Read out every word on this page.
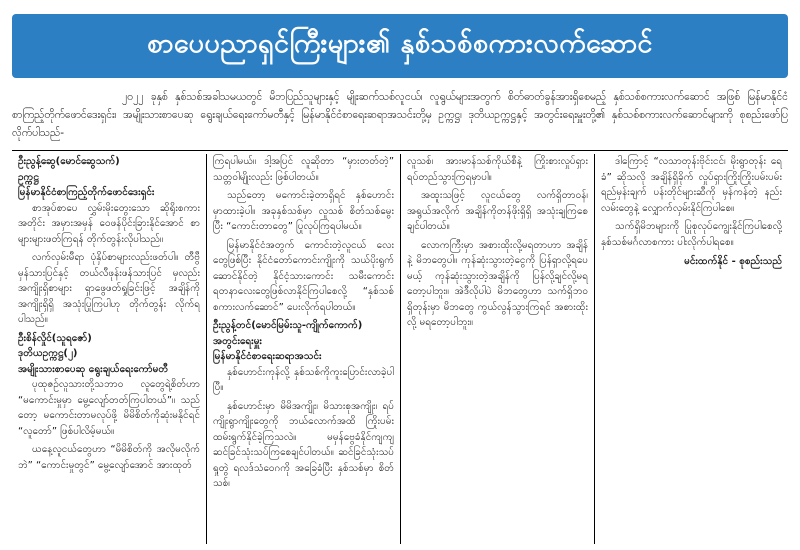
စာပေပညာရှင်ကြီးများ၏ နှစ်သစ်စကားလက်ဆောင်

၂၀၂၂ ခုနှစ် နှစ်သစ်အခါသမယတွင် မိဘပြည်သူများနှင့် မျိုးဆက်သစ်လူငယ်၊ လူရွယ်များအတွက် စိတ်ဓာတ်ခွန်အားရှိစေမည့် နှစ်သစ်စကားလက်ဆောင် အဖြစ် မြန်မာနိုင်ငံ စာကြည့်တိုက်ဖောင်ဒေးရှင်း၊ အမျိုးသားစာပေဆု ရွေးချယ်ရေးကော်မတီနှင့် မြန်မာနိုင်ငံစာရေးဆရာအသင်းတို့မှ ဥက္ကဋ္ဌ၊ ဒုတိယဥက္ကဋ္ဌနှင့် အတွင်းရေးမှူးတို့၏ နှစ်သစ်စကားလက်ဆောင်များကို စုစည်းဖော်ပြလိုက်ပါသည်-

ဦးညွန့်ဆွေ(မောင်ဆွေသက်)

ဥက္ကဋ္ဌ

မြန်မာနိုင်ငံစာကြည့်တိုက်ဖောင်ဒေးရှင်း

စာအုပ်စာပေ လွှမ်းမိုးတွေးသော ဆိုရိုးစကား အတိုင်း အမှားအမှန် ဝေဖန်ပိုင်းခြားနိုင်အောင် စာများများဖတ်ကြရန် တိုက်တွန်းလိုပါသည်။

လက်လှမ်းမီရာ ပုံနှိပ်စာများလည်းဖတ်ပါ။ တီဗွီမှန်သားပြင်နှင့် တယ်လီဖုန်းဖန်သားပြင် မှလည်း အကျိုးရှိစာများ ရှာဖွေဖတ်ရှုခြင်းဖြင့် အချိန်ကို အကျိုးရှိရှိ အသုံးပြုကြပါဟု တိုက်တွန်း လိုက်ရပါသည်။

ဦးစိန်လှိုင်(သူရဇော်)

ဒုတိယဥက္ကဋ္ဌ(၂)

အမျိုးသားစာပေဆု ရွေးချယ်ရေးကော်မတီ

ပုထုဇဉ်လူသားတို့သဘာဝ လူတွေရဲ့စိတ်ဟာ “မကောင်းမှုမှာ မွေ့လျော်တတ်ကြပါတယ်”။ သည်တော့ မကောင်းတာမလုပ်ဖို့ မိမိစိတ်ကိုဆုံးမနိုင်ရင် “လူတော်” ဖြစ်ပါလိမ့်မယ်။

ယနေ့လူငယ်တွေဟာ “မိမိစိတ်ကို အလိုမလိုက်ဘဲ” “ကောင်းမှုတွင်” မွေ့လျော်အောင် အားထုတ်

ကြရပါမယ်။ ဒါ့အပြင် လူဆိုတာ “မှားတတ်တဲ့” သတ္တဝါမျိုးလည်း ဖြစ်ပါတယ်။

သည်တော့ မကောင်းခဲ့တာရှိရင် နှစ်ဟောင်း မှာထားခဲ့ပါ။ အခုနှစ်သစ်မှာ လူသစ် စိတ်သစ်မွေးပြီး “ကောင်းတာတွေ” ပြုလုပ်ကြရပါမယ်။

မြန်မာနိုင်ငံအတွက် ကောင်းတဲ့လူငယ် လေးတွေဖြစ်ပြီး နိုင်ငံတော်ကောင်းကျိုးကို သယ်ပိုးရွက်ဆောင်နိုင်တဲ့ နိုင်ငံ့သားကောင်း သမီးကောင်းရတနာလေးတွေဖြစ်လာနိုင်ကြပါစေလို့ “နှစ်သစ်စကားလက်ဆောင်” ပေးလိုက်ရပါတယ်။

ဦးညွန့်တင်(မောင်မြမ်းသူ-ကျိုက်ကောက်)

အတွင်းရေးမှူး

မြန်မာနိုင်ငံစာရေးဆရာအသင်း

နှစ်ဟောင်းကုန်လို့ နှစ်သစ်ကိုကူးပြောင်းလာခဲ့ပါပြီ။

နှစ်ဟောင်းမှာ မိမိအကျိုး၊ မိသားစုအကျိုး၊ ရပ်ကျိုးရွာကျိုးတွေကို ဘယ်လောက်အထိ ကြိုးပမ်းထမ်းရွက်နိုင်ခဲ့ကြသလဲ။ မမှန်ဗွေခံနိုင်ကျကျ ဆင်ခြင်သုံးသပ်ကြစေချင်ပါတယ်။ ဆင်ခြင်သုံးသပ်ရှုတွဲ ရလဒ်သံဝေဂကို အခြေခံပြီး နှစ်သစ်မှာ စိတ်သစ်၊

လူသစ်၊ အားမာန်သစ်ကိုယ်စီနဲ့ ကြိုးစားလှုပ်ရှား ရပ်တည်သွားကြရမှာပါ။

အထူးသဖြင့် လူငယ်တွေ လက်ရှိတာဝန်၊ အရွယ်အလိုက် အချိန်ကိုတန်ဖိုးရှိရှိ အသုံးချကြစေချင်ပါတယ်။

လောကကြီးမှာ အစားထိုးလို့မရတာဟာ အချိန်နဲ့ မိဘတွေပါ။ ကုန်ဆုံးသွားတဲ့ငွေကို ပြန်ရှာလို့ရပေမယ့် ကုန်ဆုံးသွားတဲ့အချိန်ကို ပြန်လို့ချင်လို့မရတော့ပါဘူး။ အဲဒီလိုပါပဲ မိဘတွေဟာ သက်ရှိဘဝ ရှိတုန်းမှာ မိဘတွေ ကွယ်လွန်သွားကြရင် အစားထိုးလို့ မရတော့ပါဘူး။

ဒါကြောင့် “လသာတုန်းဗိုင်းငင်၊ မိုးရွာတုန်း ရေခံ” ဆိုသလို အချိန်ရှိခိုက် လှုပ်ရှားကြိုးကြိုးပမ်းပမ်း ရည်မှန်းချက် ပန်းတိုင်များဆီကို မှန်ကန်တဲ့ နည်းလမ်းတွေနဲ့ လျှောက်လှမ်းနိုင်ကြပါစေ။

သက်ရှိမိဘများကို ပြုစုလုပ်ကျွေးနိုင်ကြပါစေလို့ နှစ်သစ်မင်္ဂလာစကား ပါးလိုက်ပါရစေ။

မင်းထက်နိုင် - စုစည်းသည်
